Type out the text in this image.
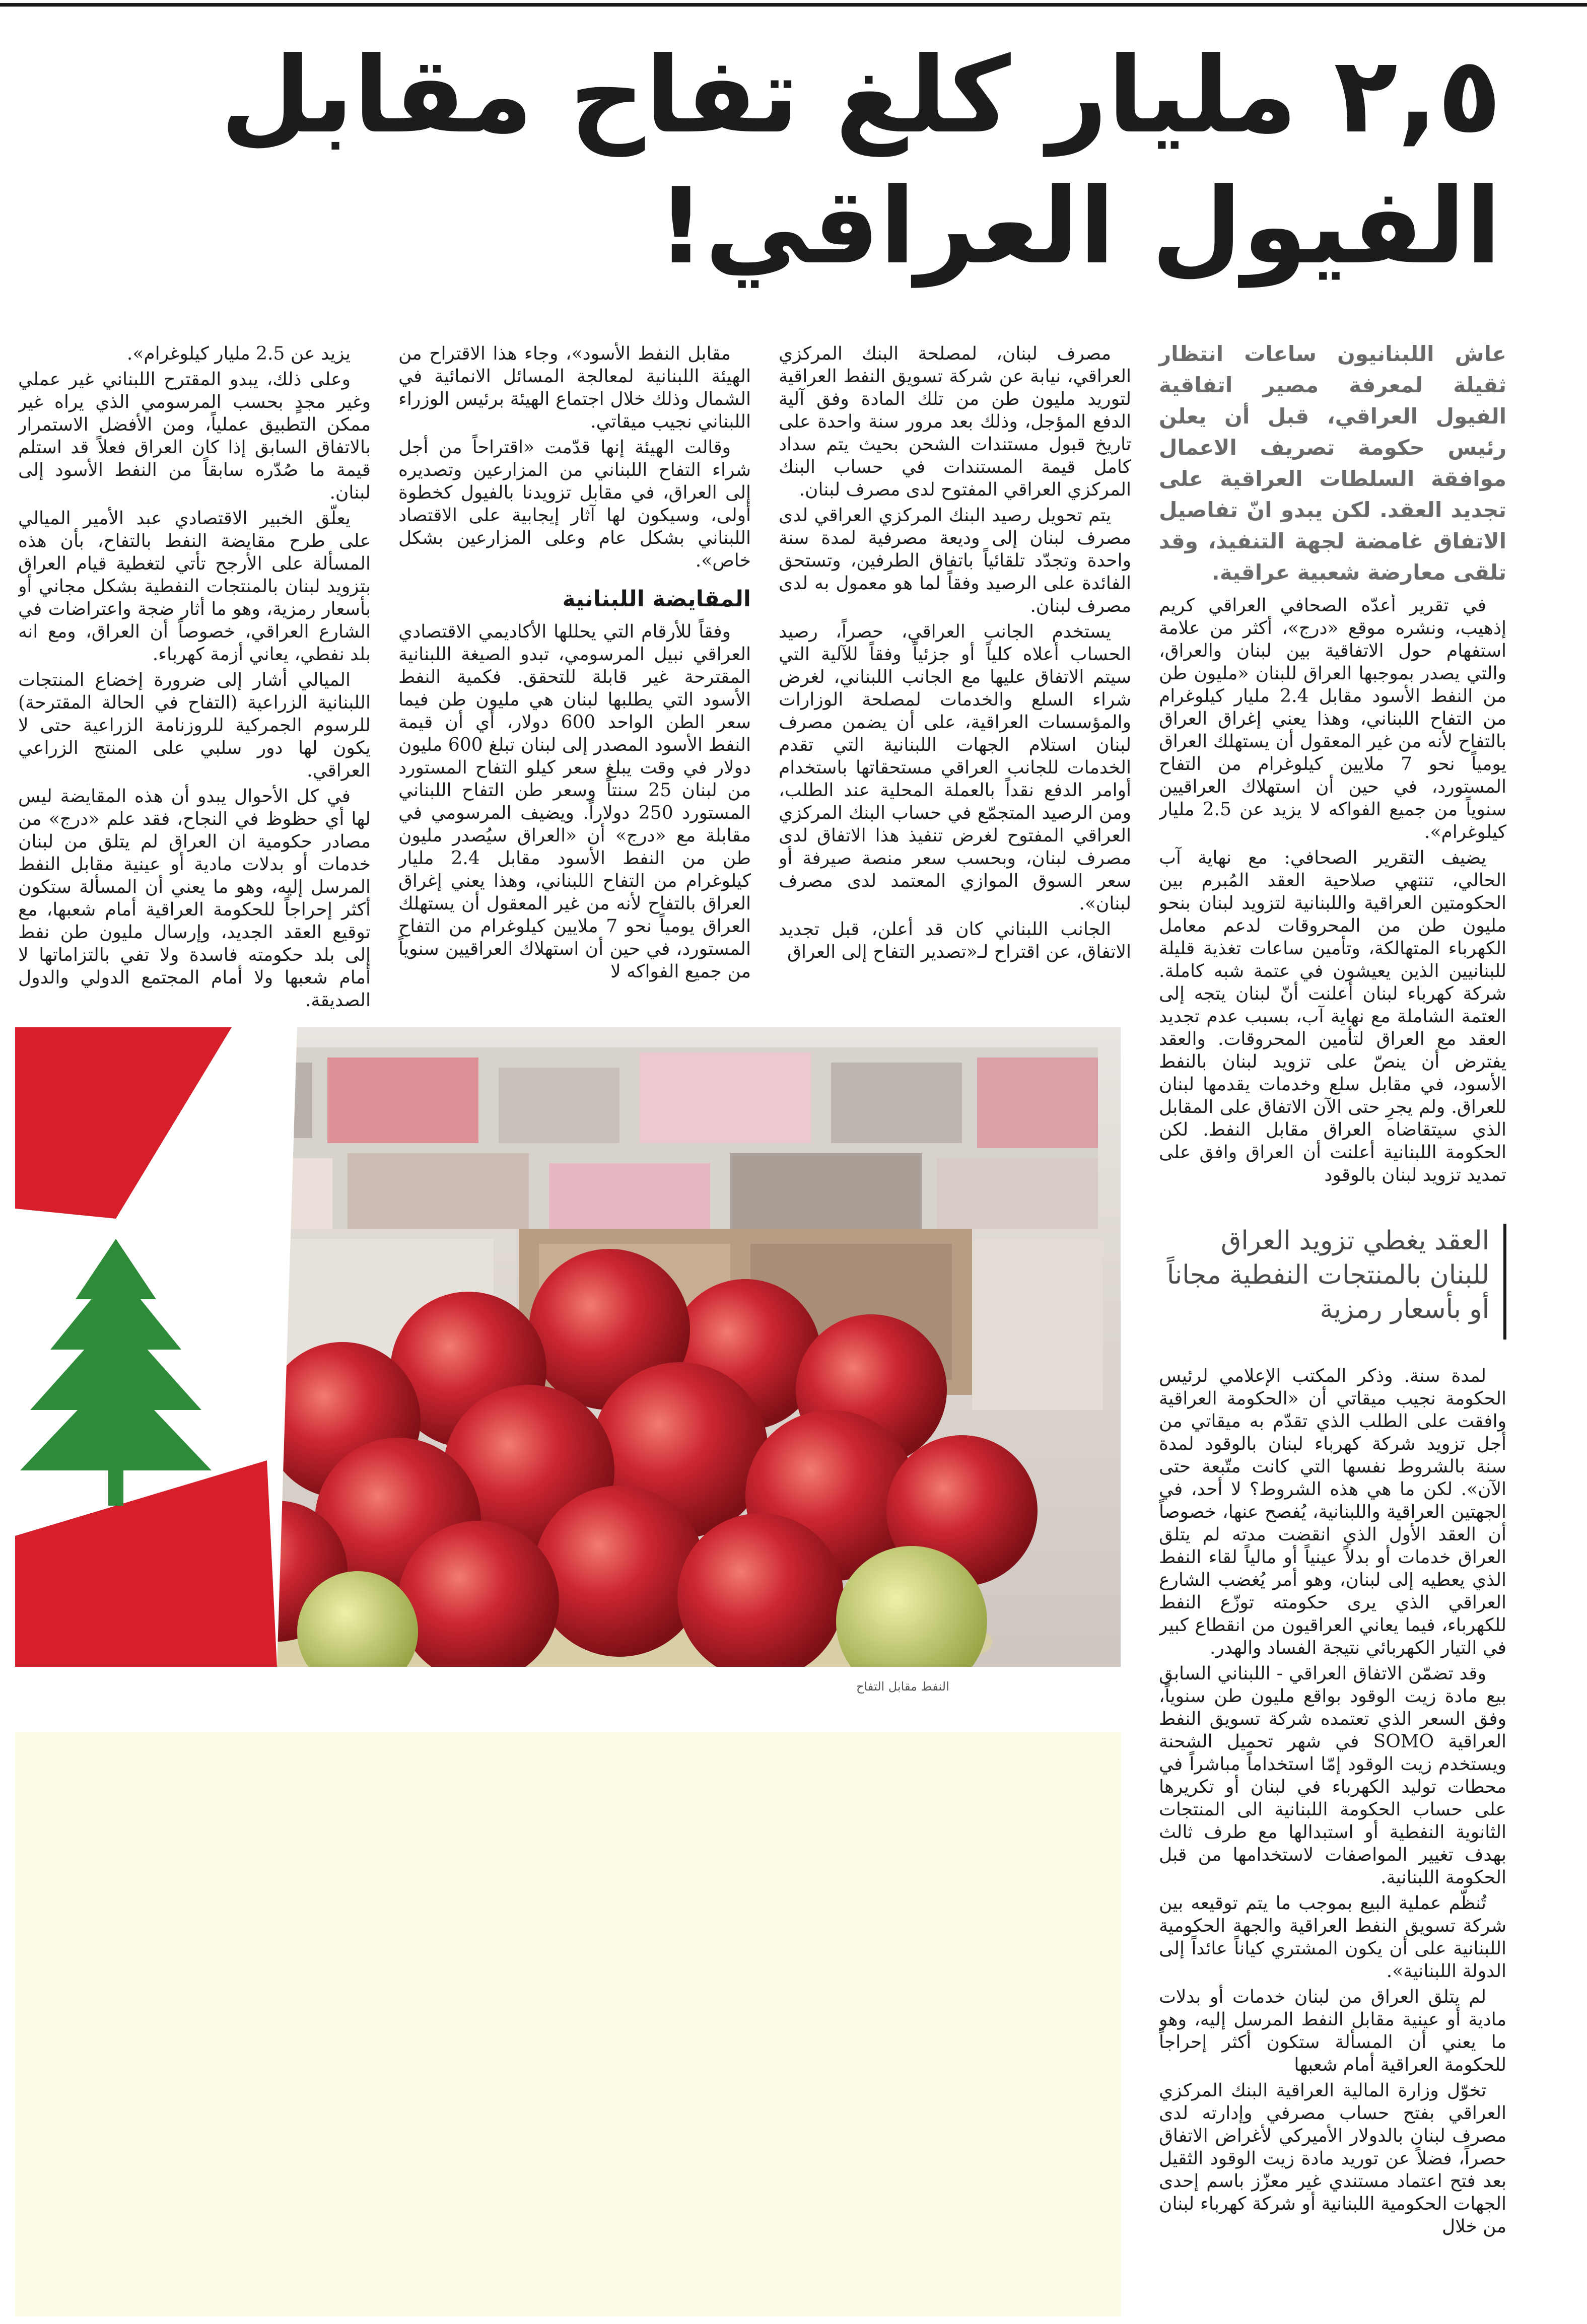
٢,٥ مليار كلغ تفاح مقابل الفيول العراقي!

عاش اللبنانيون ساعات انتظار ثقيلة لمعرفة مصير اتفاقية الفيول العراقي، قبل أن يعلن رئيس حكومة تصريف الاعمال موافقة السلطات العراقية على تجديد العقد. لكن يبدو انّ تفاصيل الاتفاق غامضة لجهة التنفيذ، وقد تلقى معارضة شعبية عراقية.

في تقرير أعدّه الصحافي العراقي كريم إذهيب، ونشره موقع «درج»، أكثر من علامة استفهام حول الاتفاقية بين لبنان والعراق، والتي يصدر بموجبها العراق للبنان «مليون طن من النفط الأسود مقابل 2.4 مليار كيلوغرام من التفاح اللبناني، وهذا يعني إغراق العراق بالتفاح لأنه من غير المعقول أن يستهلك العراق يومياً نحو 7 ملايين كيلوغرام من التفاح المستورد، في حين أن استهلاك العراقيين سنوياً من جميع الفواكه لا يزيد عن 2.5 مليار كيلوغرام».

يضيف التقرير الصحافي: مع نهاية آب الحالي، تنتهي صلاحية العقد المُبرم بين الحكومتين العراقية واللبنانية لتزويد لبنان بنحو مليون طن من المحروقات لدعم معامل الكهرباء المتهالكة، وتأمين ساعات تغذية قليلة للبنانيين الذين يعيشون في عتمة شبه كاملة. شركة كهرباء لبنان أعلنت أنّ لبنان يتجه إلى العتمة الشاملة مع نهاية آب، بسبب عدم تجديد العقد مع العراق لتأمين المحروقات. والعقد يفترض أن ينصّ على تزويد لبنان بالنفط الأسود، في مقابل سلع وخدمات يقدمها لبنان للعراق. ولم يجرِ حتى الآن الاتفاق على المقابل الذي سيتقاضاه العراق مقابل النفط. لكن الحكومة اللبنانية أعلنت أن العراق وافق على تمديد تزويد لبنان بالوقود

مصرف لبنان، لمصلحة البنك المركزي العراقي، نيابة عن شركة تسويق النفط العراقية لتوريد مليون طن من تلك المادة وفق آلية الدفع المؤجل، وذلك بعد مرور سنة واحدة على تاريخ قبول مستندات الشحن بحيث يتم سداد كامل قيمة المستندات في حساب البنك المركزي العراقي المفتوح لدى مصرف لبنان.

يتم تحويل رصيد البنك المركزي العراقي لدى مصرف لبنان إلى وديعة مصرفية لمدة سنة واحدة وتجدّد تلقائياً باتفاق الطرفين، وتستحق الفائدة على الرصيد وفقاً لما هو معمول به لدى مصرف لبنان.

يستخدم الجانب العراقي، حصراً، رصيد الحساب أعلاه كلياً أو جزئياً وفقاً للآلية التي سيتم الاتفاق عليها مع الجانب اللبناني، لغرض شراء السلع والخدمات لمصلحة الوزارات والمؤسسات العراقية، على أن يضمن مصرف لبنان استلام الجهات اللبنانية التي تقدم الخدمات للجانب العراقي مستحقاتها باستخدام أوامر الدفع نقداً بالعملة المحلية عند الطلب، ومن الرصيد المتجمّع في حساب البنك المركزي العراقي المفتوح لغرض تنفيذ هذا الاتفاق لدى مصرف لبنان، وبحسب سعر منصة صيرفة أو سعر السوق الموازي المعتمد لدى مصرف لبنان».

الجانب اللبناني كان قد أعلن، قبل تجديد الاتفاق، عن اقتراح لـ«تصدير التفاح إلى العراق

مقابل النفط الأسود»، وجاء هذا الاقتراح من الهيئة اللبنانية لمعالجة المسائل الانمائية في الشمال وذلك خلال اجتماع الهيئة برئيس الوزراء اللبناني نجيب ميقاتي.

وقالت الهيئة إنها قدّمت «اقتراحاً من أجل شراء التفاح اللبناني من المزارعين وتصديره إلى العراق، في مقابل تزويدنا بالفيول كخطوة أولى، وسيكون لها آثار إيجابية على الاقتصاد اللبناني بشكل عام وعلى المزارعين بشكل خاص».

المقايضة اللبنانية

وفقاً للأرقام التي يحللها الأكاديمي الاقتصادي العراقي نبيل المرسومي، تبدو الصيغة اللبنانية المقترحة غير قابلة للتحقق. فكمية النفط الأسود التي يطلبها لبنان هي مليون طن فيما سعر الطن الواحد 600 دولار، أي أن قيمة النفط الأسود المصدر إلى لبنان تبلغ 600 مليون دولار في وقت يبلغ سعر كيلو التفاح المستورد من لبنان 25 سنتاً وسعر طن التفاح اللبناني المستورد 250 دولاراً. ويضيف المرسومي في مقابلة مع «درج» أن «العراق سيُصدر مليون طن من النفط الأسود مقابل 2.4 مليار كيلوغرام من التفاح اللبناني، وهذا يعني إغراق العراق بالتفاح لأنه من غير المعقول أن يستهلك العراق يومياً نحو 7 ملايين كيلوغرام من التفاح المستورد، في حين أن استهلاك العراقيين سنوياً من جميع الفواكه لا

يزيد عن 2.5 مليار كيلوغرام».

وعلى ذلك، يبدو المقترح اللبناني غير عملي وغير مجدٍ بحسب المرسومي الذي يراه غير ممكن التطبيق عملياً، ومن الأفضل الاستمرار بالاتفاق السابق إذا كان العراق فعلاً قد استلم قيمة ما صُدّره سابقاً من النفط الأسود إلى لبنان.

يعلّق الخبير الاقتصادي عبد الأمير الميالي على طرح مقايضة النفط بالتفاح، بأن هذه المسألة على الأرجح تأتي لتغطية قيام العراق بتزويد لبنان بالمنتجات النفطية بشكل مجاني أو بأسعار رمزية، وهو ما أثار ضجة واعتراضات في الشارع العراقي، خصوصاً أن العراق، ومع انه بلد نفطي، يعاني أزمة كهرباء.

الميالي أشار إلى ضرورة إخضاع المنتجات اللبنانية الزراعية (التفاح في الحالة المقترحة) للرسوم الجمركية للروزنامة الزراعية حتى لا يكون لها دور سلبي على المنتج الزراعي العراقي.

في كل الأحوال يبدو أن هذه المقايضة ليس لها أي حظوظ في النجاح، فقد علم «درج» من مصادر حكومية ان العراق لم يتلق من لبنان خدمات أو بدلات مادية أو عينية مقابل النفط المرسل إليه، وهو ما يعني أن المسألة ستكون أكثر إحراجاً للحكومة العراقية أمام شعبها، مع توقيع العقد الجديد، وإرسال مليون طن نفط إلى بلد حكومته فاسدة ولا تفي بالتزاماتها لا أمام شعبها ولا أمام المجتمع الدولي والدول الصديقة.

العقد يغطي تزويد العراق للبنان بالمنتجات النفطية مجاناً أو بأسعار رمزية

لمدة سنة. وذكر المكتب الإعلامي لرئيس الحكومة نجيب ميقاتي أن «الحكومة العراقية وافقت على الطلب الذي تقدّم به ميقاتي من أجل تزويد شركة كهرباء لبنان بالوقود لمدة سنة بالشروط نفسها التي كانت متّبعة حتى الآن». لكن ما هي هذه الشروط؟ لا أحد، في الجهتين العراقية واللبنانية، يُفصح عنها، خصوصاً أن العقد الأول الذي انقضت مدته لم يتلق العراق خدمات أو بدلاً عينياً أو مالياً لقاء النفط الذي يعطيه إلى لبنان، وهو أمر يُغضب الشارع العراقي الذي يرى حكومته توزّع النفط للكهرباء، فيما يعاني العراقيون من انقطاع كبير في التيار الكهربائي نتيجة الفساد والهدر.

وقد تضمّن الاتفاق العراقي - اللبناني السابق بيع مادة زيت الوقود بواقع مليون طن سنوياً، وفق السعر الذي تعتمده شركة تسويق النفط العراقية SOMO في شهر تحميل الشحنة ويستخدم زيت الوقود إمّا استخداماً مباشراً في محطات توليد الكهرباء في لبنان أو تكريرها على حساب الحكومة اللبنانية الى المنتجات الثانوية النفطية أو استبدالها مع طرف ثالث بهدف تغيير المواصفات لاستخدامها من قبل الحكومة اللبنانية.

تُنظّم عملية البيع بموجب ما يتم توقيعه بين شركة تسويق النفط العراقية والجهة الحكومية اللبنانية على أن يكون المشتري كياناً عائداً إلى الدولة اللبنانية».

لم يتلق العراق من لبنان خدمات أو بدلات مادية أو عينية مقابل النفط المرسل إليه، وهو ما يعني أن المسألة ستكون أكثر إحراجاً للحكومة العراقية أمام شعبها

تخوّل وزارة المالية العراقية البنك المركزي العراقي بفتح حساب مصرفي وإدارته لدى مصرف لبنان بالدولار الأميركي لأغراض الاتفاق حصراً، فضلاً عن توريد مادة زيت الوقود الثقيل بعد فتح اعتماد مستندي غير معزّز باسم إحدى الجهات الحكومية اللبنانية أو شركة كهرباء لبنان من خلال

النفط مقابل التفاح
